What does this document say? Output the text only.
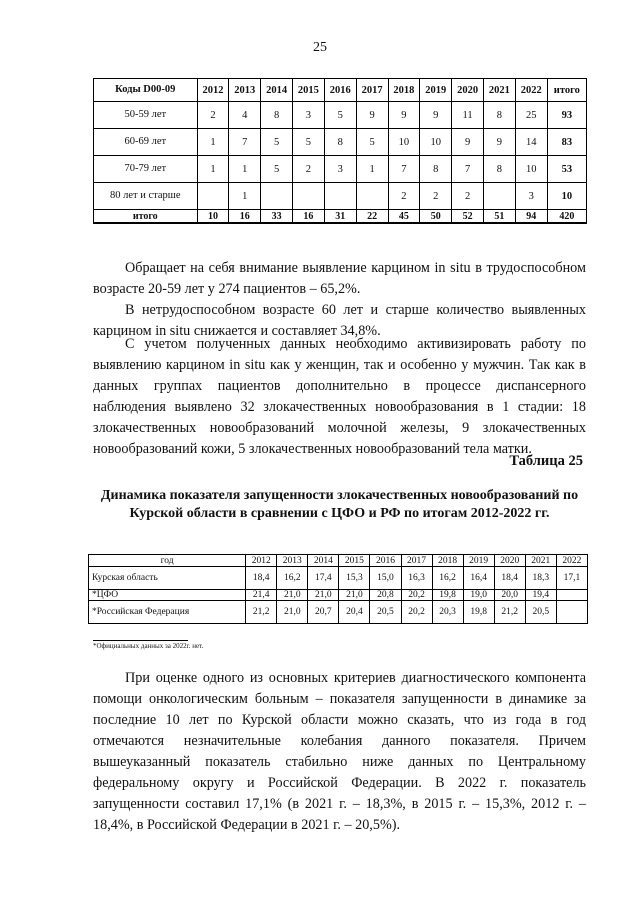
25
Коды D00-09	2012	2013	2014	2015	2016	2017	2018	2019	2020	2021	2022	итого
50-59 лет	2	4	8	3	5	9	9	9	11	8	25	93
60-69 лет	1	7	5	5	8	5	10	10	9	9	14	83
70-79 лет	1	1	5	2	3	1	7	8	7	8	10	53
80 лет и старше		1					2	2	2		3	10
итого	10	16	33	16	31	22	45	50	52	51	94	420
Обращает на себя внимание выявление карцином in situ в трудоспособном возрасте 20-59 лет у 274 пациентов – 65,2%.
В нетрудоспособном возрасте 60 лет и старше количество выявленных карцином in situ снижается и составляет 34,8%.
С учетом полученных данных необходимо активизировать работу по выявлению карцином in situ как у женщин, так и особенно у мужчин. Так как в данных группах пациентов дополнительно в процессе диспансерного наблюдения выявлено 32 злокачественных новообразования в 1 стадии: 18 злокачественных новообразований молочной железы, 9 злокачественных новообразований кожи, 5 злокачественных новообразований тела матки.
Таблица 25
Динамика показателя запущенности злокачественных новообразований по Курской области в сравнении с ЦФО и РФ по итогам 2012-2022 гг.
год	2012	2013	2014	2015	2016	2017	2018	2019	2020	2021	2022
Курская область	18,4	16,2	17,4	15,3	15,0	16,3	16,2	16,4	18,4	18,3	17,1
*ЦФО	21,4	21,0	21,0	21,0	20,8	20,2	19,8	19,0	20,0	19,4	
*Российская Федерация	21,2	21,0	20,7	20,4	20,5	20,2	20,3	19,8	21,2	20,5	
*Официальных данных за 2022г. нет.
При оценке одного из основных критериев диагностического компонента помощи онкологическим больным – показателя запущенности в динамике за последние 10 лет по Курской области можно сказать, что из года в год отмечаются незначительные колебания данного показателя. Причем вышеуказанный показатель стабильно ниже данных по Центральному федеральному округу и Российской Федерации. В 2022 г. показатель запущенности составил 17,1% (в 2021 г. – 18,3%, в 2015 г. – 15,3%, 2012 г. – 18,4%, в Российской Федерации в 2021 г. – 20,5%).
